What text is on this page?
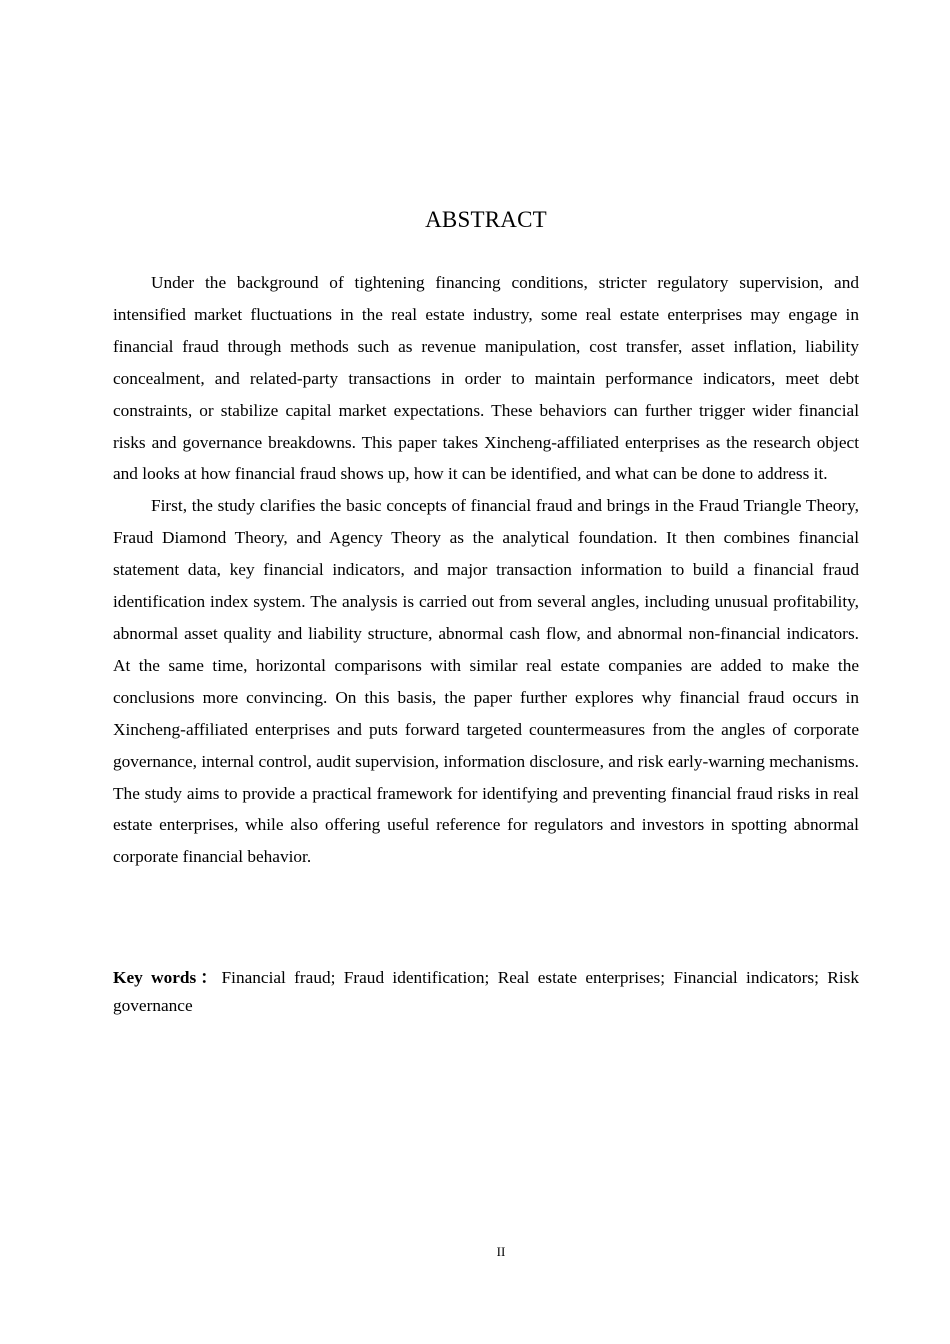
ABSTRACT

Under the background of tightening financing conditions, stricter regulatory supervision, and intensified market fluctuations in the real estate industry, some real estate enterprises may engage in financial fraud through methods such as revenue manipulation, cost transfer, asset inflation, liability concealment, and related-party transactions in order to maintain performance indicators, meet debt constraints, or stabilize capital market expectations. These behaviors can further trigger wider financial risks and governance breakdowns. This paper takes Xincheng-affiliated enterprises as the research object and looks at how financial fraud shows up, how it can be identified, and what can be done to address it.

First, the study clarifies the basic concepts of financial fraud and brings in the Fraud Triangle Theory, Fraud Diamond Theory, and Agency Theory as the analytical foundation. It then combines financial statement data, key financial indicators, and major transaction information to build a financial fraud identification index system. The analysis is carried out from several angles, including unusual profitability, abnormal asset quality and liability structure, abnormal cash flow, and abnormal non-financial indicators. At the same time, horizontal comparisons with similar real estate companies are added to make the conclusions more convincing. On this basis, the paper further explores why financial fraud occurs in Xincheng-affiliated enterprises and puts forward targeted countermeasures from the angles of corporate governance, internal control, audit supervision, information disclosure, and risk early-warning mechanisms. The study aims to provide a practical framework for identifying and preventing financial fraud risks in real estate enterprises, while also offering useful reference for regulators and investors in spotting abnormal corporate financial behavior.

Key words：Financial fraud; Fraud identification; Real estate enterprises; Financial indicators; Risk governance
II
